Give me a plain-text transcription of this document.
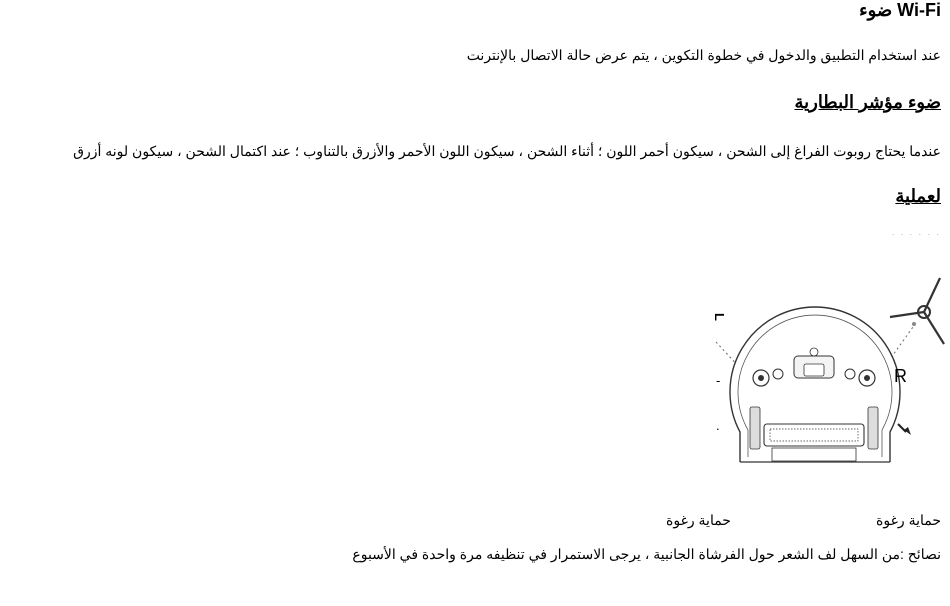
Wi-Fi ضوء
عند استخدام التطبيق والدخول في خطوة التكوين ، يتم عرض حالة الاتصال بالإنترنت
ضوء مؤشر البطارية
عندما يحتاج روبوت الفراغ إلى الشحن ، سيكون أحمر اللون ؛ أثناء الشحن ، سيكون اللون الأحمر والأزرق بالتناوب ؛ عند اكتمال الشحن ، سيكون لونه أزرق
لعملية
· · · · · ·
L
-
.
R
حماية رغوة
حماية رغوة
نصائح :من السهل لف الشعر حول الفرشاة الجانبية ، يرجى الاستمرار في تنظيفه مرة واحدة في الأسبوع
